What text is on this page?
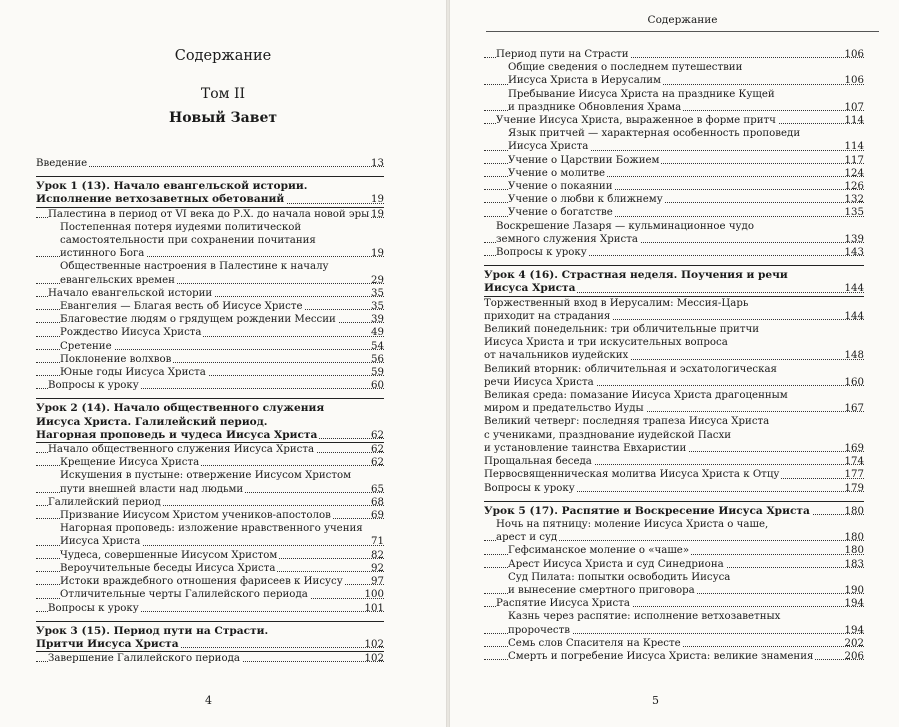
Содержание
Том II
Новый Завет
Введение	13
Урок 1 (13). Начало евангельской истории.
Исполнение ветхозаветных обетований	19
Палестина в период от VI века до Р.Х. до начала новой эры 19
Постепенная потеря иудеями политической
самостоятельности при сохранении почитания
истинного Бога	19
Общественные настроения в Палестине к началу
евангельских времен	29
Начало евангельской истории	35
Евангелия — Благая весть об Иисусе Христе	35
Благовестие людям о грядущем рождении Мессии	39
Рождество Иисуса Христа	49
Сретение	54
Поклонение волхвов	56
Юные годы Иисуса Христа	59
Вопросы к уроку	60
Урок 2 (14). Начало общественного служения
Иисуса Христа. Галилейский период.
Нагорная проповедь и чудеса Иисуса Христа	62
Начало общественного служения Иисуса Христа	62
Крещение Иисуса Христа	62
Искушения в пустыне: отвержение Иисусом Христом
пути внешней власти над людьми	65
Галилейский период	68
Призвание Иисусом Христом учеников-апостолов	69
Нагорная проповедь: изложение нравственного учения
Иисуса Христа	71
Чудеса, совершенные Иисусом Христом	82
Вероучительные беседы Иисуса Христа	92
Истоки враждебного отношения фарисеев к Иисусу	97
Отличительные черты Галилейского периода	100
Вопросы к уроку	101
Урок 3 (15). Период пути на Страсти.
Притчи Иисуса Христа	102
Завершение Галилейского периода	102
4
Содержание
Период пути на Страсти	106
Общие сведения о последнем путешествии
Иисуса Христа в Иерусалим	106
Пребывание Иисуса Христа на празднике Кущей
и празднике Обновления Храма	107
Учение Иисуса Христа, выраженное в форме притч	114
Язык притчей — характерная особенность проповеди
Иисуса Христа	114
Учение о Царствии Божием	117
Учение о молитве	124
Учение о покаянии	126
Учение о любви к ближнему	132
Учение о богатстве	135
Воскрешение Лазаря — кульминационное чудо
земного служения Христа	139
Вопросы к уроку	143
Урок 4 (16). Страстная неделя. Поучения и речи
Иисуса Христа	144
Торжественный вход в Иерусалим: Мессия-Царь
приходит на страдания	144
Великий понедельник: три обличительные притчи
Иисуса Христа и три искусительных вопроса
от начальников иудейских	148
Великий вторник: обличительная и эсхатологическая
речи Иисуса Христа	160
Великая среда: помазание Иисуса Христа драгоценным
миром и предательство Иуды	167
Великий четверг: последняя трапеза Иисуса Христа
с учениками, празднование иудейской Пасхи
и установление таинства Евхаристии	169
Прощальная беседа	174
Первосвященническая молитва Иисуса Христа к Отцу	177
Вопросы к уроку	179
Урок 5 (17). Распятие и Воскресение Иисуса Христа	180
Ночь на пятницу: моление Иисуса Христа о чаше,
арест и суд	180
Гефсиманское моление о «чаше»	180
Арест Иисуса Христа и суд Синедриона	183
Суд Пилата: попытки освободить Иисуса
и вынесение смертного приговора	190
Распятие Иисуса Христа	194
Казнь через распятие: исполнение ветхозаветных
пророчеств	194
Семь слов Спасителя на Кресте	202
Смерть и погребение Иисуса Христа: великие знамения	206
5
